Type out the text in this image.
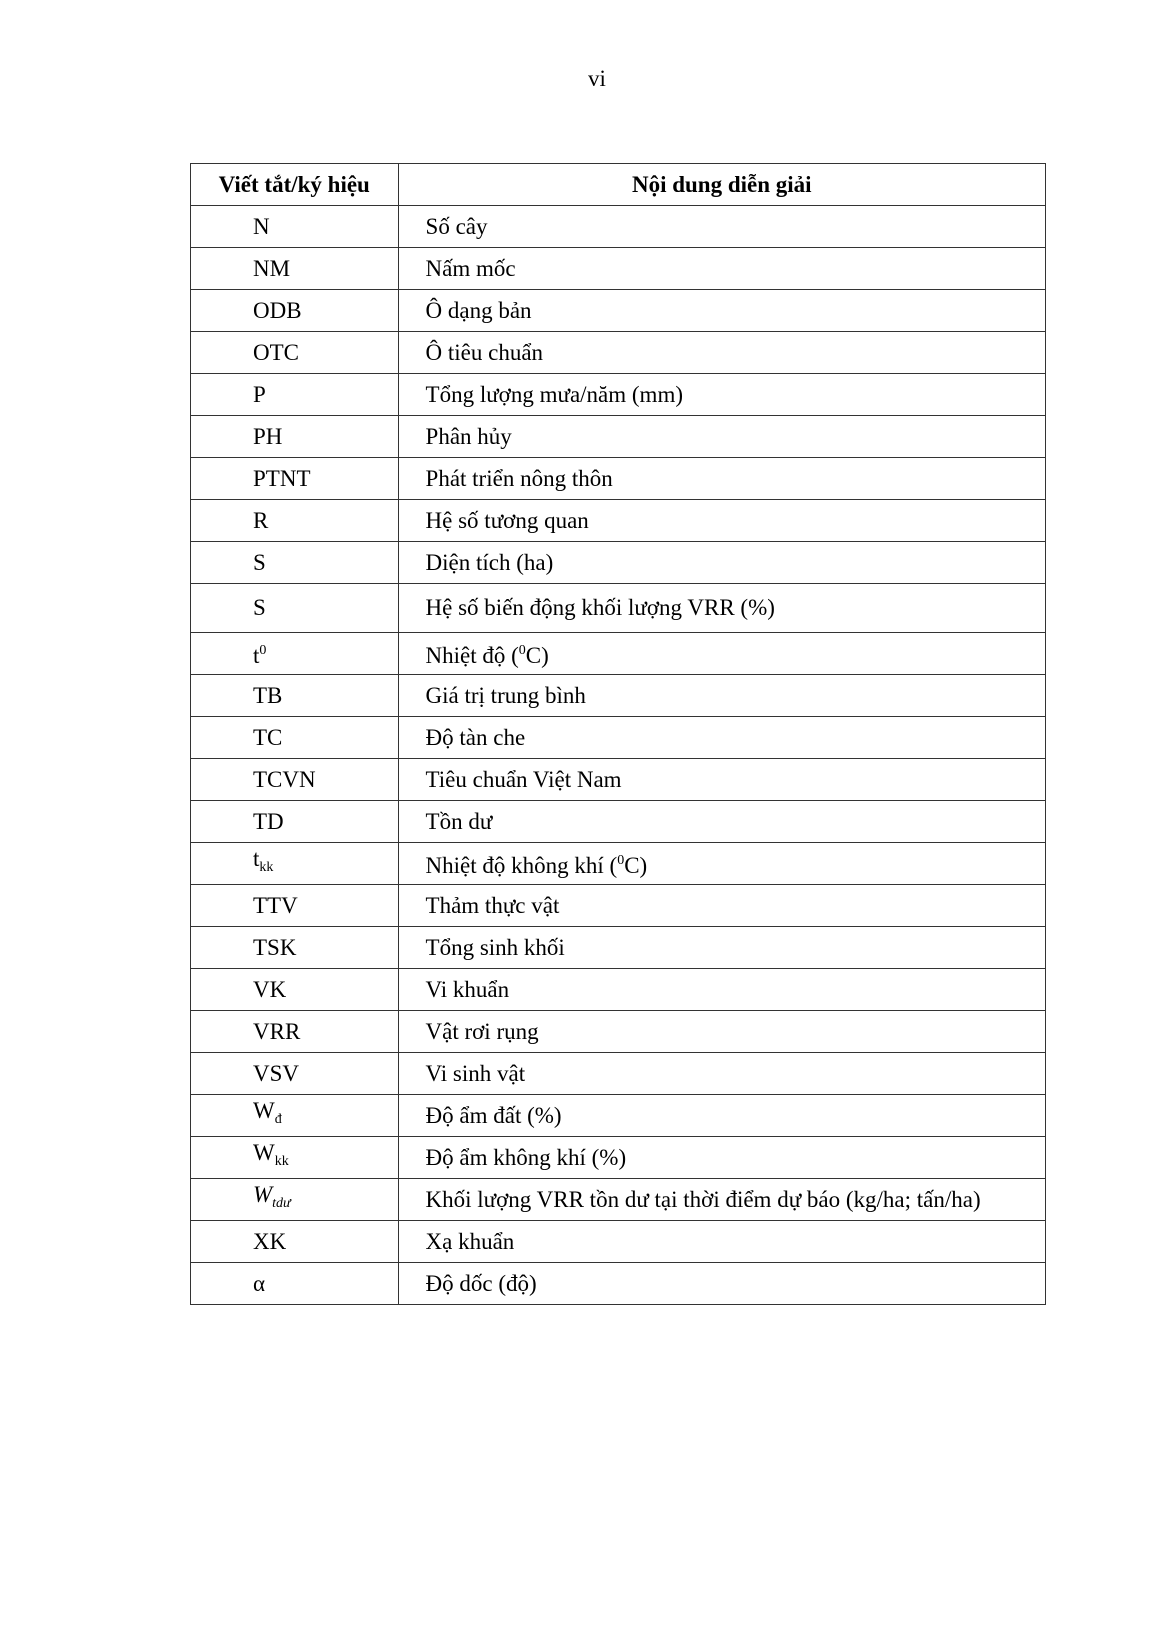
vi
Viết tắt/ký hiệu	Nội dung diễn giải
N	Số cây
NM	Nấm mốc
ODB	Ô dạng bản
OTC	Ô tiêu chuẩn
P	Tổng lượng mưa/năm (mm)
PH	Phân hủy
PTNT	Phát triển nông thôn
R	Hệ số tương quan
S	Diện tích (ha)
S	Hệ số biến động khối lượng VRR (%)
$t^0$	Nhiệt độ ($^0$C)
TB	Giá trị trung bình
TC	Độ tàn che
TCVN	Tiêu chuẩn Việt Nam
TD	Tồn dư
$t_{kk}$	Nhiệt độ không khí ($^0$C)
TTV	Thảm thực vật
TSK	Tổng sinh khối
VK	Vi khuẩn
VRR	Vật rơi rụng
VSV	Vi sinh vật
$W_đ$	Độ ẩm đất (%)
$W_{kk}$	Độ ẩm không khí (%)
$W_{tdư}$	Khối lượng VRR tồn dư tại thời điểm dự báo (kg/ha; tấn/ha)
XK	Xạ khuẩn
α	Độ dốc (độ)
